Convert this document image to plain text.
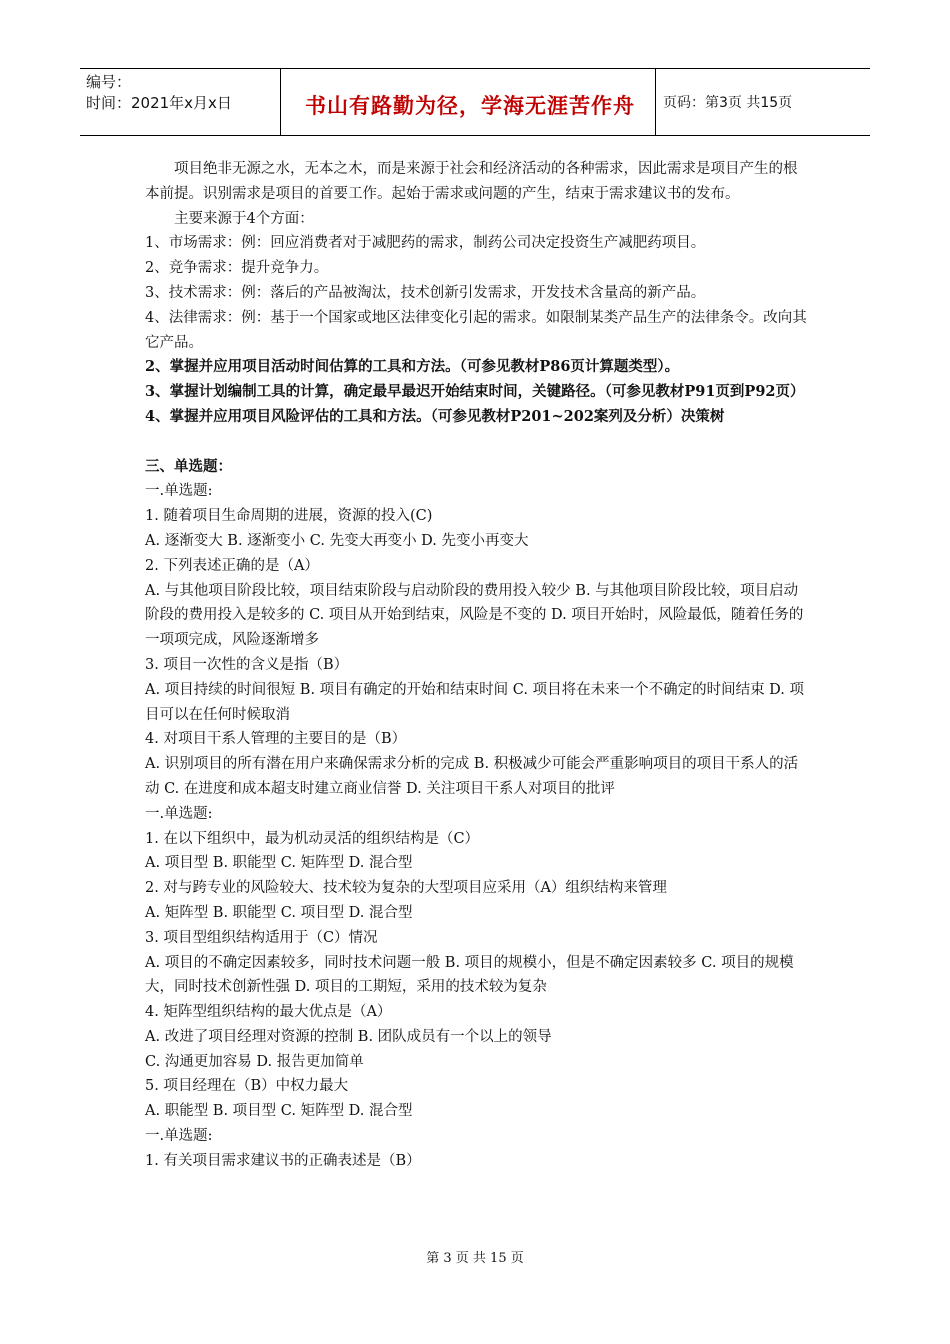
编号：
时间：2021年x月x日	书山有路勤为径，学海无涯苦作舟	页码：第3页 共15页

项目绝非无源之水，无本之木，而是来源于社会和经济活动的各种需求，因此需求是项目产生的根本前提。识别需求是项目的首要工作。起始于需求或问题的产生，结束于需求建议书的发布。

主要来源于4个方面：

1、市场需求：例：回应消费者对于减肥药的需求，制药公司决定投资生产减肥药项目。

2、竞争需求：提升竞争力。

3、技术需求：例：落后的产品被淘汰，技术创新引发需求，开发技术含量高的新产品。

4、法律需求：例：基于一个国家或地区法律变化引起的需求。如限制某类产品生产的法律条令。改向其它产品。

2、掌握并应用项目活动时间估算的工具和方法。（可参见教材P86页计算题类型）。

3、掌握计划编制工具的计算，确定最早最迟开始结束时间，关键路径。（可参见教材P91页到P92页）

4、掌握并应用项目风险评估的工具和方法。（可参见教材P201~202案列及分析）决策树

三、单选题：

一.单选题:

1. 随着项目生命周期的进展，资源的投入(C)

A. 逐渐变大 B. 逐渐变小 C. 先变大再变小 D. 先变小再变大

2. 下列表述正确的是（A）

A. 与其他项目阶段比较，项目结束阶段与启动阶段的费用投入较少 B. 与其他项目阶段比较，项目启动阶段的费用投入是较多的 C. 项目从开始到结束，风险是不变的 D. 项目开始时，风险最低，随着任务的一项项完成，风险逐渐增多

3. 项目一次性的含义是指（B）

A. 项目持续的时间很短 B. 项目有确定的开始和结束时间 C. 项目将在未来一个不确定的时间结束 D. 项目可以在任何时候取消

4. 对项目干系人管理的主要目的是（B）

A. 识别项目的所有潜在用户来确保需求分析的完成 B. 积极减少可能会严重影响项目的项目干系人的活动 C. 在进度和成本超支时建立商业信誉 D. 关注项目干系人对项目的批评

一.单选题:

1. 在以下组织中，最为机动灵活的组织结构是（C）

A. 项目型 B. 职能型 C. 矩阵型 D. 混合型

2. 对与跨专业的风险较大、技术较为复杂的大型项目应采用（A）组织结构来管理

A. 矩阵型 B. 职能型 C. 项目型 D. 混合型

3. 项目型组织结构适用于（C）情况

A. 项目的不确定因素较多，同时技术问题一般 B. 项目的规模小，但是不确定因素较多 C. 项目的规模大，同时技术创新性强 D. 项目的工期短，采用的技术较为复杂

4. 矩阵型组织结构的最大优点是（A）

A. 改进了项目经理对资源的控制 B. 团队成员有一个以上的领导

C. 沟通更加容易 D. 报告更加简单

5. 项目经理在（B）中权力最大

A. 职能型 B. 项目型 C. 矩阵型 D. 混合型

一.单选题:

1. 有关项目需求建议书的正确表述是（B）

第 3 页 共 15 页
